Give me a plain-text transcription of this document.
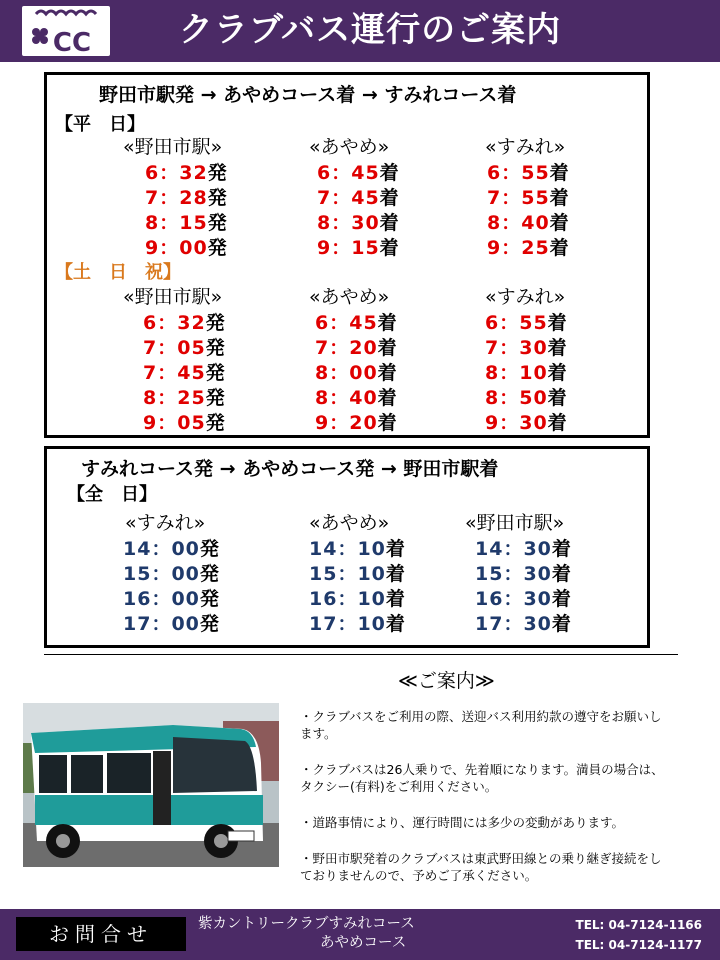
CC	クラブバス運行のご案内
野田市駅発 → あやめコース着 → すみれコース着
【平　日】
«野田市駅»	«あやめ»	«すみれ»
6：32発	6：45着	6：55着
7：28発	7：45着	7：55着
8：15発	8：30着	8：40着
9：00発	9：15着	9：25着
【土　日　祝】
«野田市駅»	«あやめ»	«すみれ»
6：32発	6：45着	6：55着
7：05発	7：20着	7：30着
7：45発	8：00着	8：10着
8：25発	8：40着	8：50着
9：05発	9：20着	9：30着
すみれコース発 → あやめコース発 → 野田市駅着
【全　日】
«すみれ»	«あやめ»	«野田市駅»
14：00発	14：10着	14：30着
15：00発	15：10着	15：30着
16：00発	16：10着	16：30着
17：00発	17：10着	17：30着
≪ご案内≫

・クラブバスをご利用の際、送迎バス利用約款の遵守をお願いします。

・クラブバスは26人乗りで、先着順になります。満員の場合は、タクシー(有料)をご利用ください。

・道路事情により、運行時間には多少の変動があります。

・野田市駅発着のクラブバスは東武野田線との乗り継ぎ接続をしておりませんので、予めご了承ください。

お問合せ	紫カントリークラブすみれコース
あやめコース
TEL: 04-7124-1166
TEL: 04-7124-1177
